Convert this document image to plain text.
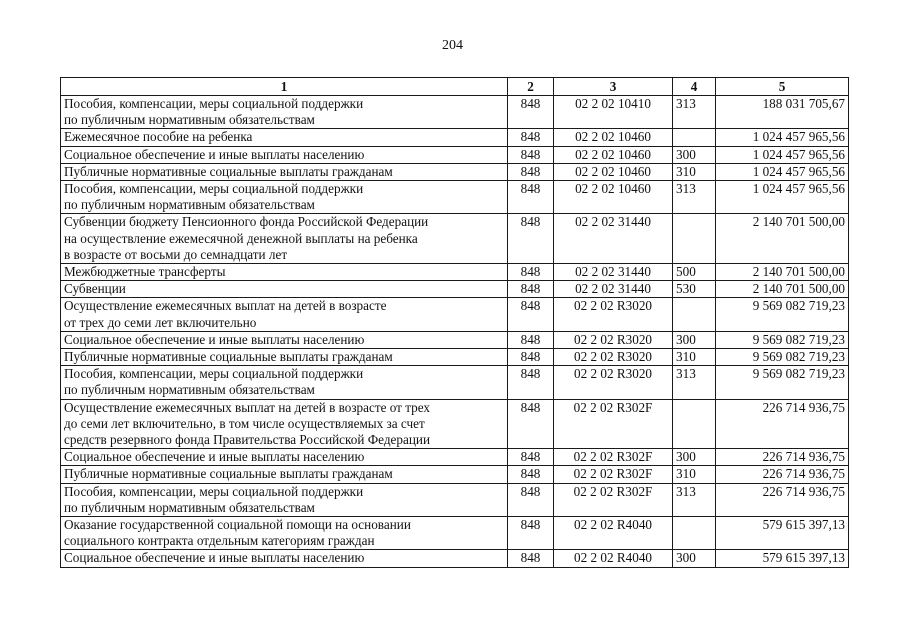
204
1	2	3	4	5
Пособия, компенсации, меры социальной поддержки
по публичным нормативным обязательствам	848	02 2 02 10410	313	188 031 705,67
Ежемесячное пособие на ребенка	848	02 2 02 10460		1 024 457 965,56
Социальное обеспечение и иные выплаты населению	848	02 2 02 10460	300	1 024 457 965,56
Публичные нормативные социальные выплаты гражданам	848	02 2 02 10460	310	1 024 457 965,56
Пособия, компенсации, меры социальной поддержки
по публичным нормативным обязательствам	848	02 2 02 10460	313	1 024 457 965,56
Субвенции бюджету Пенсионного фонда Российской Федерации
на осуществление ежемесячной денежной выплаты на ребенка
в возрасте от восьми до семнадцати лет	848	02 2 02 31440		2 140 701 500,00
Межбюджетные трансферты	848	02 2 02 31440	500	2 140 701 500,00
Субвенции	848	02 2 02 31440	530	2 140 701 500,00
Осуществление ежемесячных выплат на детей в возрасте
от трех до семи лет включительно	848	02 2 02 R3020		9 569 082 719,23
Социальное обеспечение и иные выплаты населению	848	02 2 02 R3020	300	9 569 082 719,23
Публичные нормативные социальные выплаты гражданам	848	02 2 02 R3020	310	9 569 082 719,23
Пособия, компенсации, меры социальной поддержки
по публичным нормативным обязательствам	848	02 2 02 R3020	313	9 569 082 719,23
Осуществление ежемесячных выплат на детей в возрасте от трех
до семи лет включительно, в том числе осуществляемых за счет
средств резервного фонда Правительства Российской Федерации	848	02 2 02 R302F		226 714 936,75
Социальное обеспечение и иные выплаты населению	848	02 2 02 R302F	300	226 714 936,75
Публичные нормативные социальные выплаты гражданам	848	02 2 02 R302F	310	226 714 936,75
Пособия, компенсации, меры социальной поддержки
по публичным нормативным обязательствам	848	02 2 02 R302F	313	226 714 936,75
Оказание государственной социальной помощи на основании
социального контракта отдельным категориям граждан	848	02 2 02 R4040		579 615 397,13
Социальное обеспечение и иные выплаты населению	848	02 2 02 R4040	300	579 615 397,13
